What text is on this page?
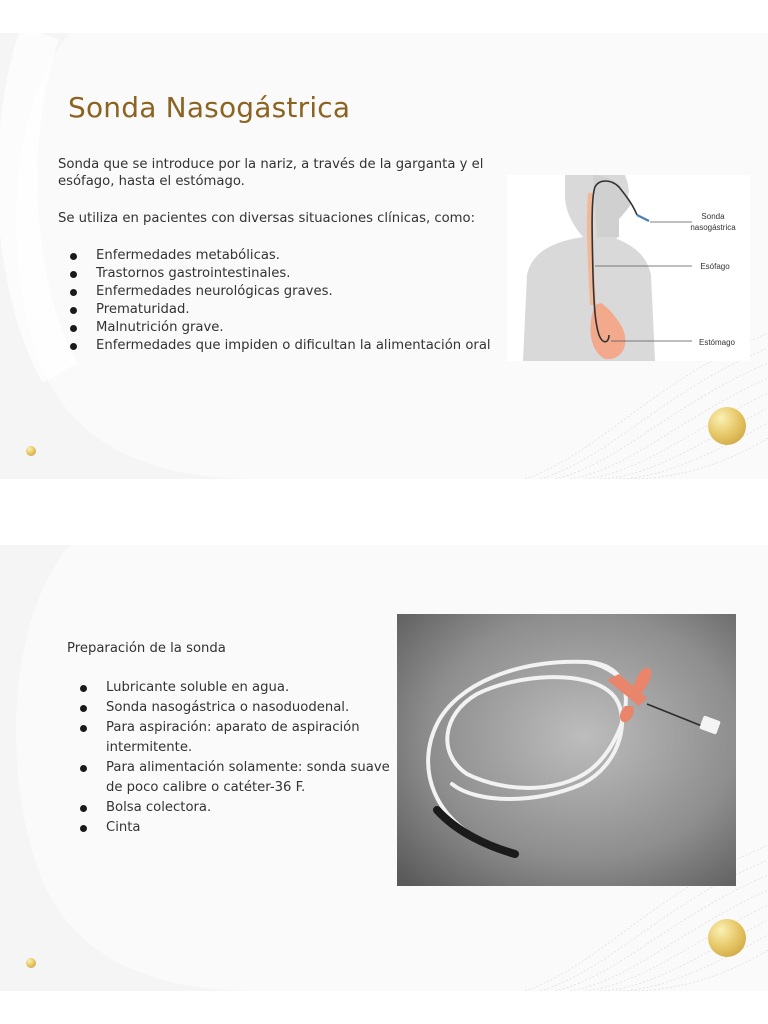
Sonda Nasogástrica

Sonda que se introduce por la nariz, a través de la garganta y el esófago, hasta el estómago.

Se utiliza en pacientes con diversas situaciones clínicas, como:

Enfermedades metabólicas.
Trastornos gastrointestinales.
Enfermedades neurológicas graves.
Prematuridad.
Malnutrición grave.
Enfermedades que impiden o dificultan la alimentación oral
Sonda
nasogástrica
Esófago
Estómago

Preparación de la sonda

Lubricante soluble en agua.
Sonda nasogástrica o nasoduodenal.
Para aspiración: aparato de aspiración intermitente.
Para alimentación solamente: sonda suave de poco calibre o catéter-36 F.
Bolsa colectora.
Cinta
